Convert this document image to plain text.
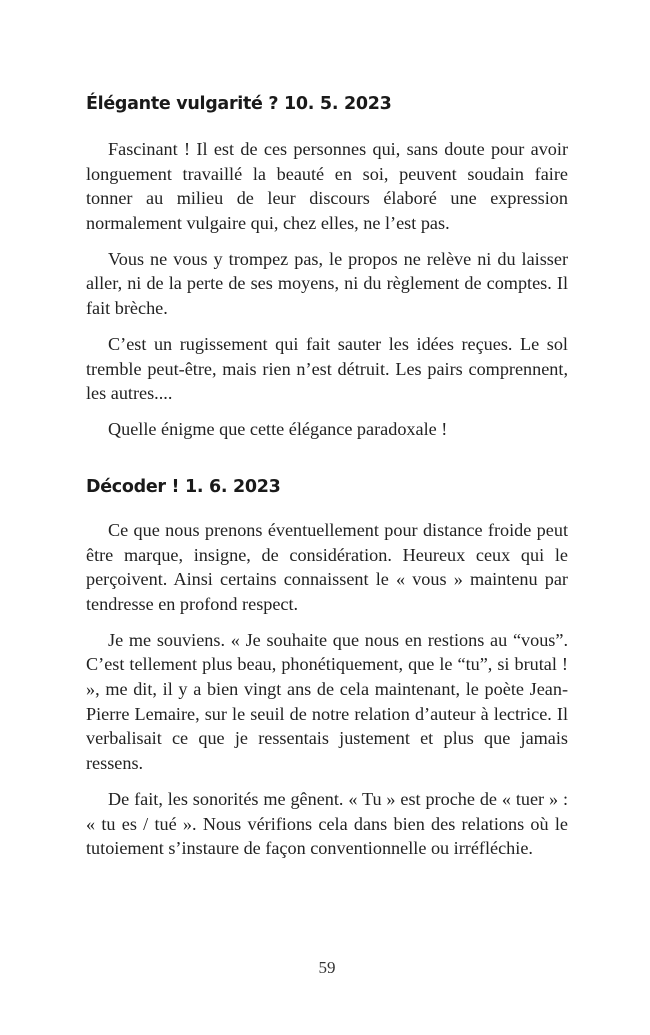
Élégante vulgarité ? 10. 5. 2023

Fascinant ! Il est de ces personnes qui, sans doute pour avoir longuement travaillé la beauté en soi, peuvent soudain faire tonner au milieu de leur discours élaboré une expression normalement vulgaire qui, chez elles, ne l’est pas.

Vous ne vous y trompez pas, le propos ne relève ni du laisser aller, ni de la perte de ses moyens, ni du règlement de comptes. Il fait brèche.

C’est un rugissement qui fait sauter les idées reçues. Le sol tremble peut-être, mais rien n’est détruit. Les pairs comprennent, les autres....

Quelle énigme que cette élégance paradoxale !

Décoder ! 1. 6. 2023

Ce que nous prenons éventuellement pour distance froide peut être marque, insigne, de considération. Heureux ceux qui le perçoivent. Ainsi certains connaissent le « vous » maintenu par tendresse en profond respect.

Je me souviens. « Je souhaite que nous en restions au “vous”. C’est tellement plus beau, phonétiquement, que le “tu”, si brutal ! », me dit, il y a bien vingt ans de cela maintenant, le poète Jean-Pierre Lemaire, sur le seuil de notre relation d’auteur à lectrice. Il verbalisait ce que je ressentais justement et plus que jamais ressens.

De fait, les sonorités me gênent. « Tu » est proche de « tuer » : « tu es / tué ». Nous vérifions cela dans bien des relations où le tutoiement s’instaure de façon conventionnelle ou irréfléchie.

59
